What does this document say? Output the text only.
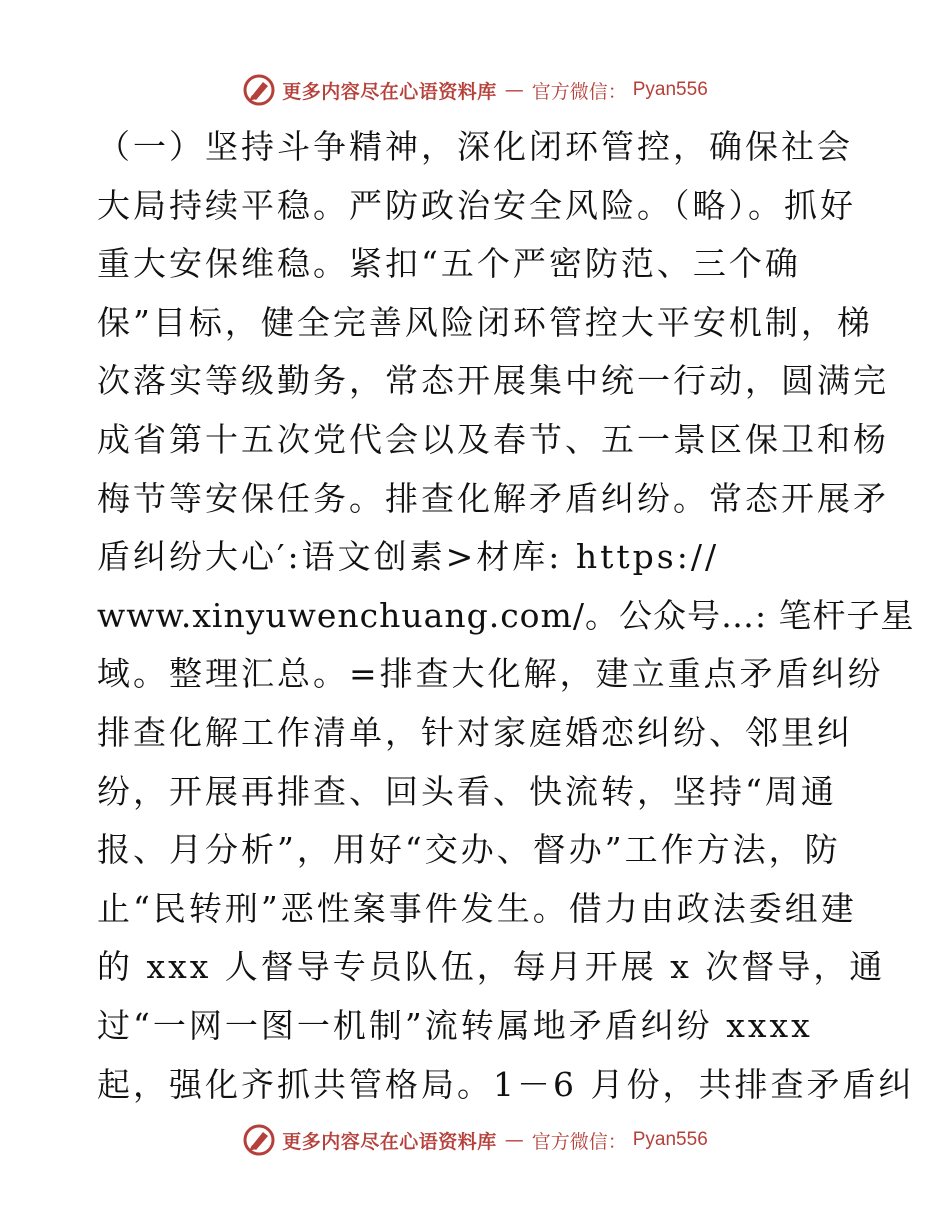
更多内容尽在心语资料库 — 官方微信： Pyan556
（一）坚持斗争精神，深化闭环管控，确保社会
大局持续平稳。严防政治安全风险。（略）。抓好
重大安保维稳。紧扣“五个严密防范、三个确
保”目标，健全完善风险闭环管控大平安机制，梯
次落实等级勤务，常态开展集中统一行动，圆满完
成省第十五次党代会以及春节、五一景区保卫和杨
梅节等安保任务。排查化解矛盾纠纷。常态开展矛
盾纠纷大心′:语文创素>材库: https://
www.xinyuwenchuang.com/。公众号…: 笔杆子星
域。整理汇总。=排查大化解，建立重点矛盾纠纷
排查化解工作清单，针对家庭婚恋纠纷、邻里纠
纷，开展再排查、回头看、快流转，坚持“周通
报、月分析”，用好“交办、督办”工作方法，防
止“民转刑”恶性案事件发生。借力由政法委组建
的 xxx 人督导专员队伍，每月开展 x 次督导，通
过“一网一图一机制”流转属地矛盾纠纷 xxxx
起，强化齐抓共管格局。1－6 月份，共排查矛盾纠
更多内容尽在心语资料库 — 官方微信： Pyan556
